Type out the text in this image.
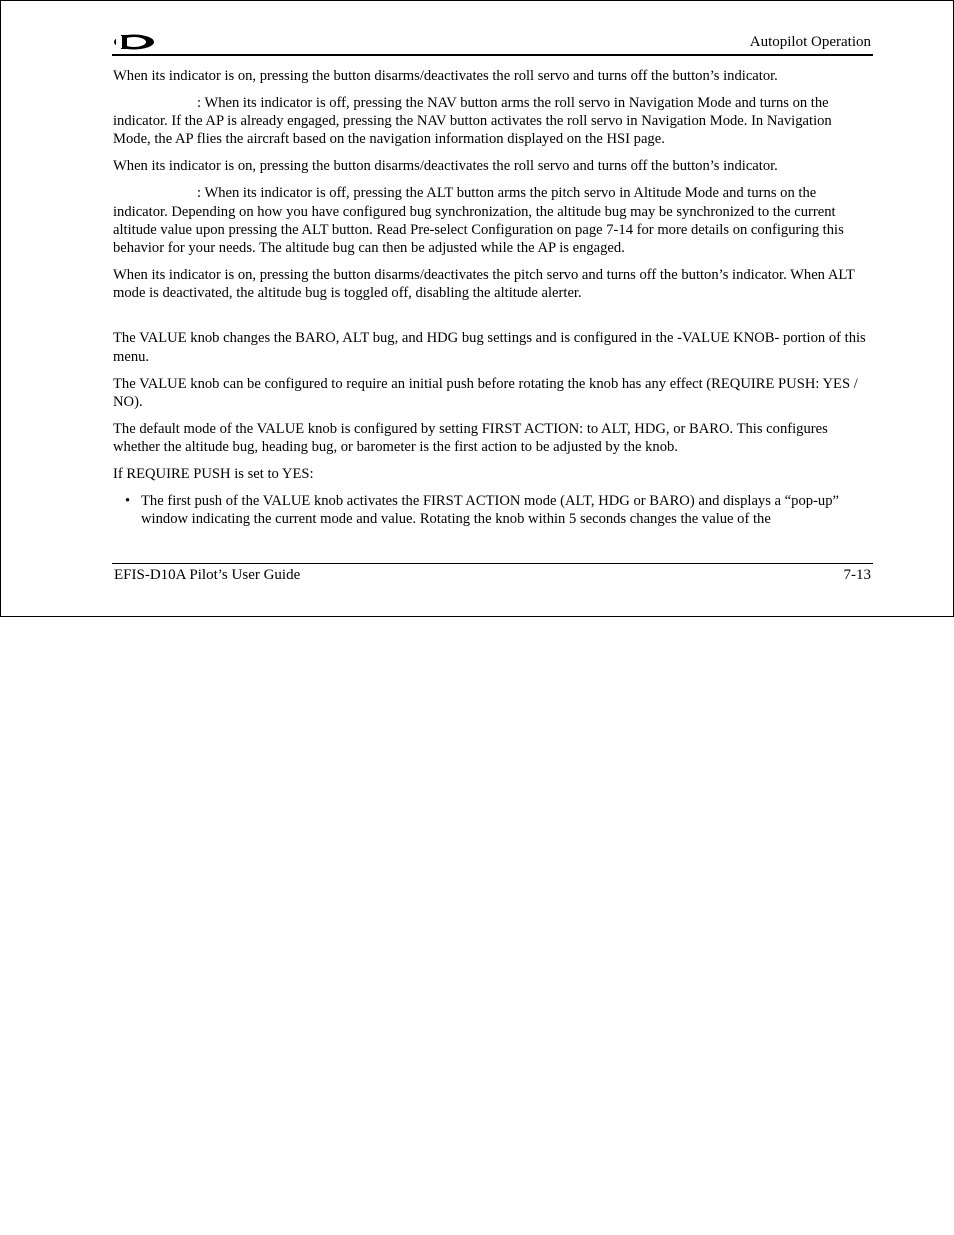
Autopilot Operation

When its indicator is on, pressing the button disarms/deactivates the roll servo and turns off the button’s indicator.

: When its indicator is off, pressing the NAV button arms the roll servo in Navigation Mode and turns on the indicator. If the AP is already engaged, pressing the NAV button activates the roll servo in Navigation Mode. In Navigation Mode, the AP flies the aircraft based on the navigation information displayed on the HSI page.

When its indicator is on, pressing the button disarms/deactivates the roll servo and turns off the button’s indicator.

: When its indicator is off, pressing the ALT button arms the pitch servo in Altitude Mode and turns on the indicator. Depending on how you have configured bug synchronization, the altitude bug may be synchronized to the current altitude value upon pressing the ALT button. Read Pre-select Configuration on page 7-14 for more details on configuring this behavior for your needs. The altitude bug can then be adjusted while the AP is engaged.

When its indicator is on, pressing the button disarms/deactivates the pitch servo and turns off the button’s indicator. When ALT mode is deactivated, the altitude bug is toggled off, disabling the altitude alerter.

The VALUE knob changes the BARO, ALT bug, and HDG bug settings and is configured in the -VALUE KNOB- portion of this menu.

The VALUE knob can be configured to require an initial push before rotating the knob has any effect (REQUIRE PUSH: YES / NO).

The default mode of the VALUE knob is configured by setting FIRST ACTION: to ALT, HDG, or BARO. This configures whether the altitude bug, heading bug, or barometer is the first action to be adjusted by the knob.

If REQUIRE PUSH is set to YES:

• The first push of the VALUE knob activates the FIRST ACTION mode (ALT, HDG or BARO) and displays a “pop-up” window indicating the current mode and value. Rotating the knob within 5 seconds changes the value of the
EFIS-D10A Pilot’s User Guide	7-13
